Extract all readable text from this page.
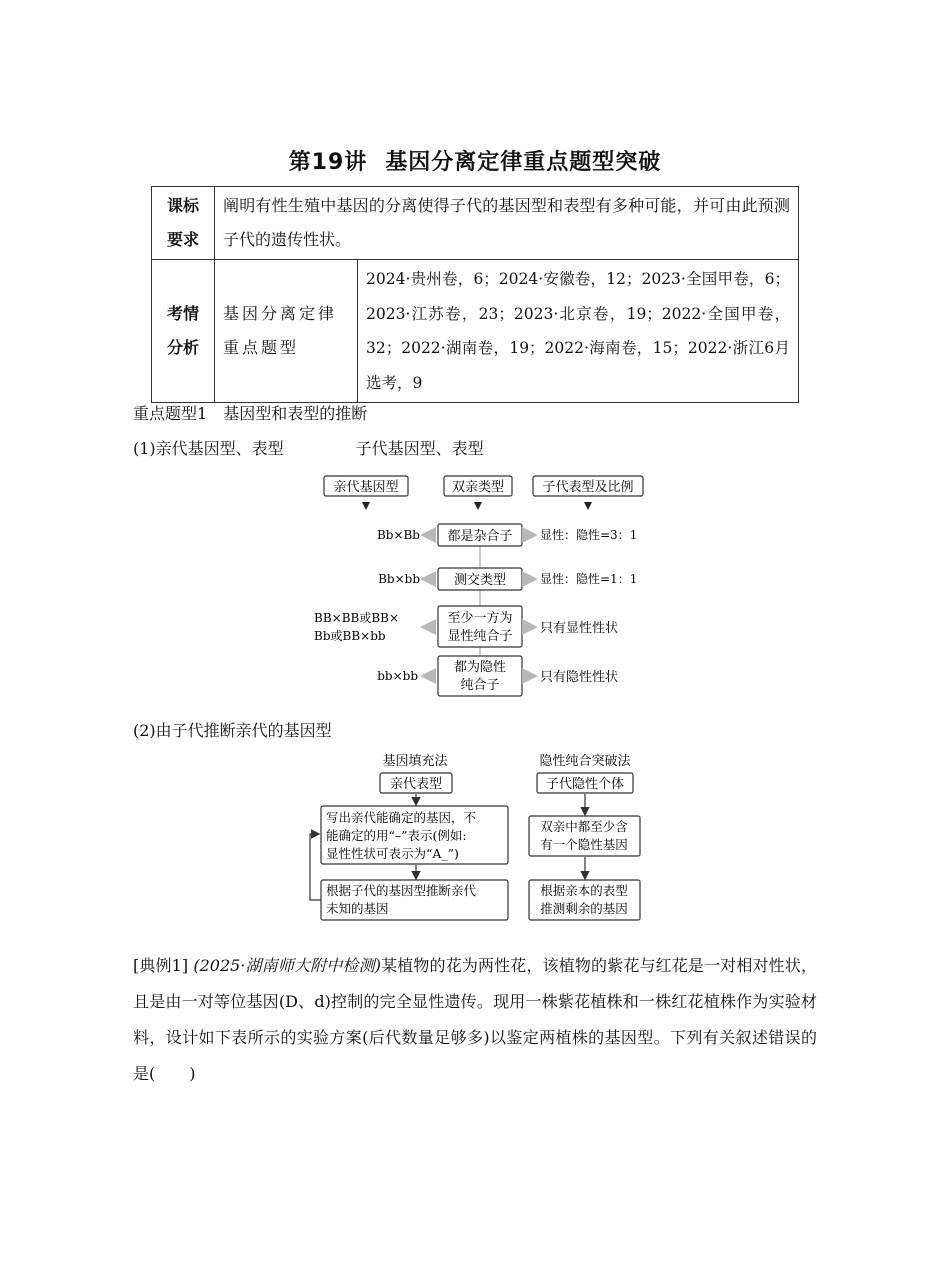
第19讲 基因分离定律重点题型突破
课标
要求	阐明有性生殖中基因的分离使得子代的基因型和表型有多种可能，并可由此预测子代的遗传性状。	
考情
分析	基因分离定律重点题型	2024·贵州卷，6；2024·安徽卷，12；2023·全国甲卷，6；2023·江苏卷，23；2023·北京卷，19；2022·全国甲卷，32；2022·湖南卷，19；2022·海南卷，15；2022·浙江6月选考，9
重点题型1 基因型和表型的推断
(1)亲代基因型、表型	子代基因型、表型
亲代基因型	双亲类型	子代表型及比例
都是杂合子
Bb×Bb	显性：隐性=3：1
测交类型
Bb×bb	显性：隐性=1：1
至少一方为
显性纯合子
BB×BB或BB×
Bb或BB×bb	只有显性性状
都为隐性
纯合子
bb×bb	只有隐性性状
基因填充法
亲代表型
写出亲代能确定的基因，不
能确定的用“–”表示(例如:
显性性状可表示为“A_”)
根据子代的基因型推断亲代
未知的基因
隐性纯合突破法
子代隐性个体
双亲中都至少含
有一个隐性基因
根据亲本的表型
推测剩余的基因
(2)由子代推断亲代的基因型
[典例1] (2025·湖南师大附中检测)某植物的花为两性花，该植物的紫花与红花是一对相对性状，且是由一对等位基因(D、d)控制的完全显性遗传。现用一株紫花植株和一株红花植株作为实验材料，设计如下表所示的实验方案(后代数量足够多)以鉴定两植株的基因型。下列有关叙述错误的是( )
